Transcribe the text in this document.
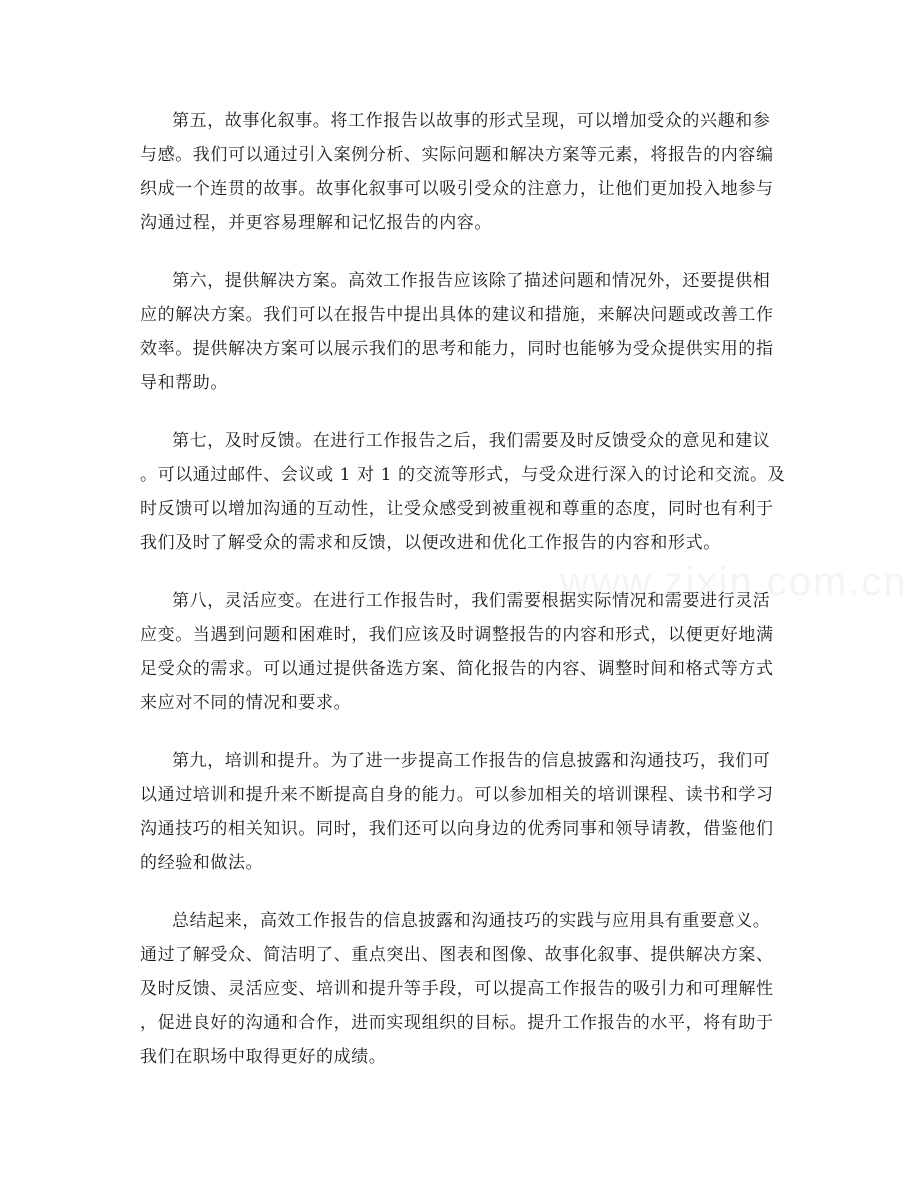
第五，故事化叙事。将工作报告以故事的形式呈现，可以增加受众的兴趣和参
与感。我们可以通过引入案例分析、实际问题和解决方案等元素，将报告的内容编
织成一个连贯的故事。故事化叙事可以吸引受众的注意力，让他们更加投入地参与
沟通过程，并更容易理解和记忆报告的内容。
第六，提供解决方案。高效工作报告应该除了描述问题和情况外，还要提供相
应的解决方案。我们可以在报告中提出具体的建议和措施，来解决问题或改善工作
效率。提供解决方案可以展示我们的思考和能力，同时也能够为受众提供实用的指
导和帮助。
第七，及时反馈。在进行工作报告之后，我们需要及时反馈受众的意见和建议
。可以通过邮件、会议或 1 对 1 的交流等形式，与受众进行深入的讨论和交流。及
时反馈可以增加沟通的互动性，让受众感受到被重视和尊重的态度，同时也有利于
我们及时了解受众的需求和反馈，以便改进和优化工作报告的内容和形式。
第八，灵活应变。在进行工作报告时，我们需要根据实际情况和需要进行灵活
应变。当遇到问题和困难时，我们应该及时调整报告的内容和形式，以便更好地满
足受众的需求。可以通过提供备选方案、简化报告的内容、调整时间和格式等方式
来应对不同的情况和要求。
第九，培训和提升。为了进一步提高工作报告的信息披露和沟通技巧，我们可
以通过培训和提升来不断提高自身的能力。可以参加相关的培训课程、读书和学习
沟通技巧的相关知识。同时，我们还可以向身边的优秀同事和领导请教，借鉴他们
的经验和做法。
总结起来，高效工作报告的信息披露和沟通技巧的实践与应用具有重要意义。
通过了解受众、简洁明了、重点突出、图表和图像、故事化叙事、提供解决方案、
及时反馈、灵活应变、培训和提升等手段，可以提高工作报告的吸引力和可理解性
，促进良好的沟通和合作，进而实现组织的目标。提升工作报告的水平，将有助于
我们在职场中取得更好的成绩。
